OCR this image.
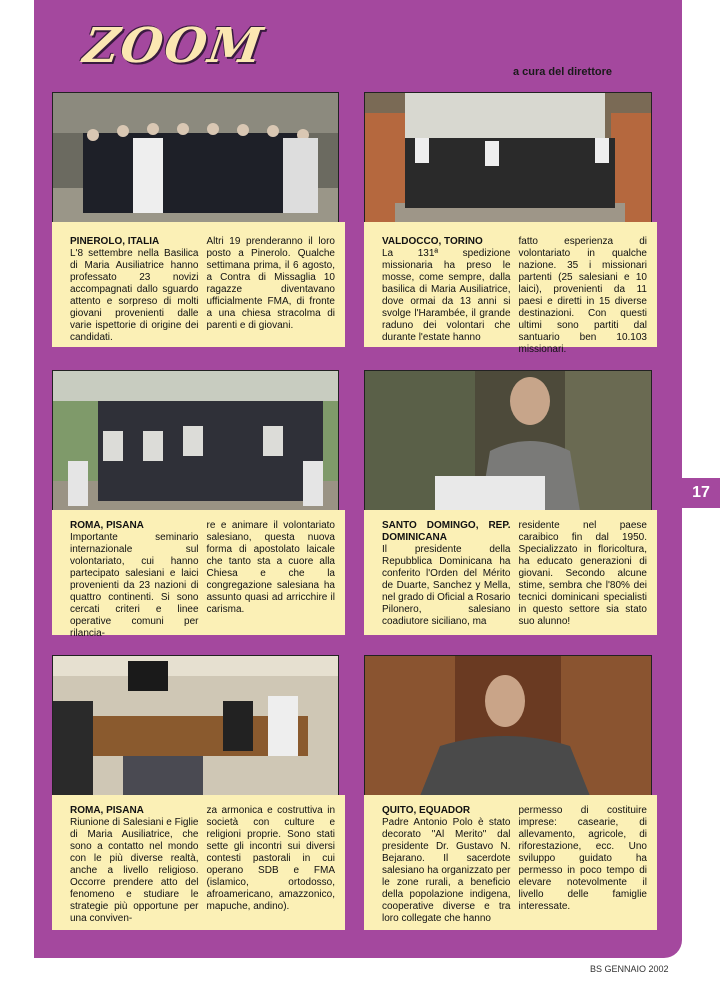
ZOOM	a cura del direttore
PINEROLO, ITALIA
L'8 settembre nella Basilica di Maria Ausiliatrice hanno professato 23 novizi accompagnati dallo sguardo attento e sorpreso di molti giovani provenienti dalle varie ispettorie di origine dei candidati.
Altri 19 prenderanno il loro posto a Pinerolo. Qualche settimana prima, il 6 agosto, a Contra di Missaglia 10 ragazze diventavano ufficialmente FMA, di fronte a una chiesa stracolma di parenti e di giovani.
VALDOCCO, TORINO
La 131ª spedizione missionaria ha preso le mosse, come sempre, dalla basilica di Maria Ausiliatrice, dove ormai da 13 anni si svolge l'Harambée, il grande raduno dei volontari che durante l'estate hanno
fatto esperienza di volontariato in qualche nazione. 35 i missionari partenti (25 salesiani e 10 laici), provenienti da 11 paesi e diretti in 15 diverse destinazioni. Con questi ultimi sono partiti dal santuario ben 10.103 missionari.
ROMA, PISANA
Importante seminario internazionale sul volontariato, cui hanno partecipato salesiani e laici provenienti da 23 nazioni di quattro continenti. Si sono cercati criteri e linee operative comuni per rilancia-
re e animare il volontariato salesiano, questa nuova forma di apostolato laicale che tanto sta a cuore alla Chiesa e che la congregazione salesiana ha assunto quasi ad arricchire il carisma.
SANTO DOMINGO, REP. DOMINICANA
Il presidente della Repubblica Dominicana ha conferito l'Orden del Mérito de Duarte, Sanchez y Mella, nel grado di Oficial a Rosario Pilonero, salesiano coadiutore siciliano, ma
residente nel paese caraibico fin dal 1950. Specializzato in floricoltura, ha educato generazioni di giovani. Secondo alcune stime, sembra che l'80% dei tecnici dominicani specialisti in questo settore sia stato suo alunno!
17
ROMA, PISANA
Riunione di Salesiani e Figlie di Maria Ausiliatrice, che sono a contatto nel mondo con le più diverse realtà, anche a livello religioso. Occorre prendere atto del fenomeno e studiare le strategie più opportune per una conviven-
za armonica e costruttiva in società con culture e religioni proprie. Sono stati sette gli incontri sui diversi contesti pastorali in cui operano SDB e FMA (islamico, ortodosso, afroamericano, amazzonico, mapuche, andino).
QUITO, EQUADOR
Padre Antonio Polo è stato decorato "Al Merito" dal presidente Dr. Gustavo N. Bejarano. Il sacerdote salesiano ha organizzato per le zone rurali, a beneficio della popolazione indigena, cooperative diverse e tra loro collegate che hanno
permesso di costituire imprese: casearie, di allevamento, agricole, di riforestazione, ecc. Uno sviluppo guidato ha permesso in poco tempo di elevare notevolmente il livello delle famiglie interessate.
BS GENNAIO 2002
